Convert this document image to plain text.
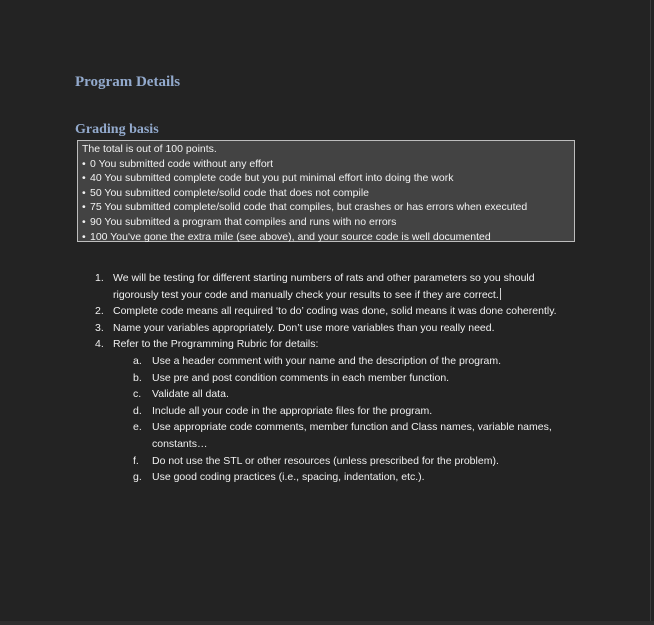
Program Details
Grading basis
The total is out of 100 points.
• 0 You submitted code without any effort
• 40 You submitted complete code but you put minimal effort into doing the work
• 50 You submitted complete/solid code that does not compile
• 75 You submitted complete/solid code that compiles, but crashes or has errors when executed
• 90 You submitted a program that compiles and runs with no errors
• 100 You've gone the extra mile (see above), and your source code is well documented
1. We will be testing for different starting numbers of rats and other parameters so you should rigorously test your code and manually check your results to see if they are correct.
2. Complete code means all required ‘to do’ coding was done, solid means it was done coherently.
3. Name your variables appropriately. Don’t use more variables than you really need.
4. Refer to the Programming Rubric for details:
a. Use a header comment with your name and the description of the program.
b. Use pre and post condition comments in each member function.
c. Validate all data.
d. Include all your code in the appropriate files for the program.
e. Use appropriate code comments, member function and Class names, variable names, constants…
f. Do not use the STL or other resources (unless prescribed for the problem).
g. Use good coding practices (i.e., spacing, indentation, etc.).
